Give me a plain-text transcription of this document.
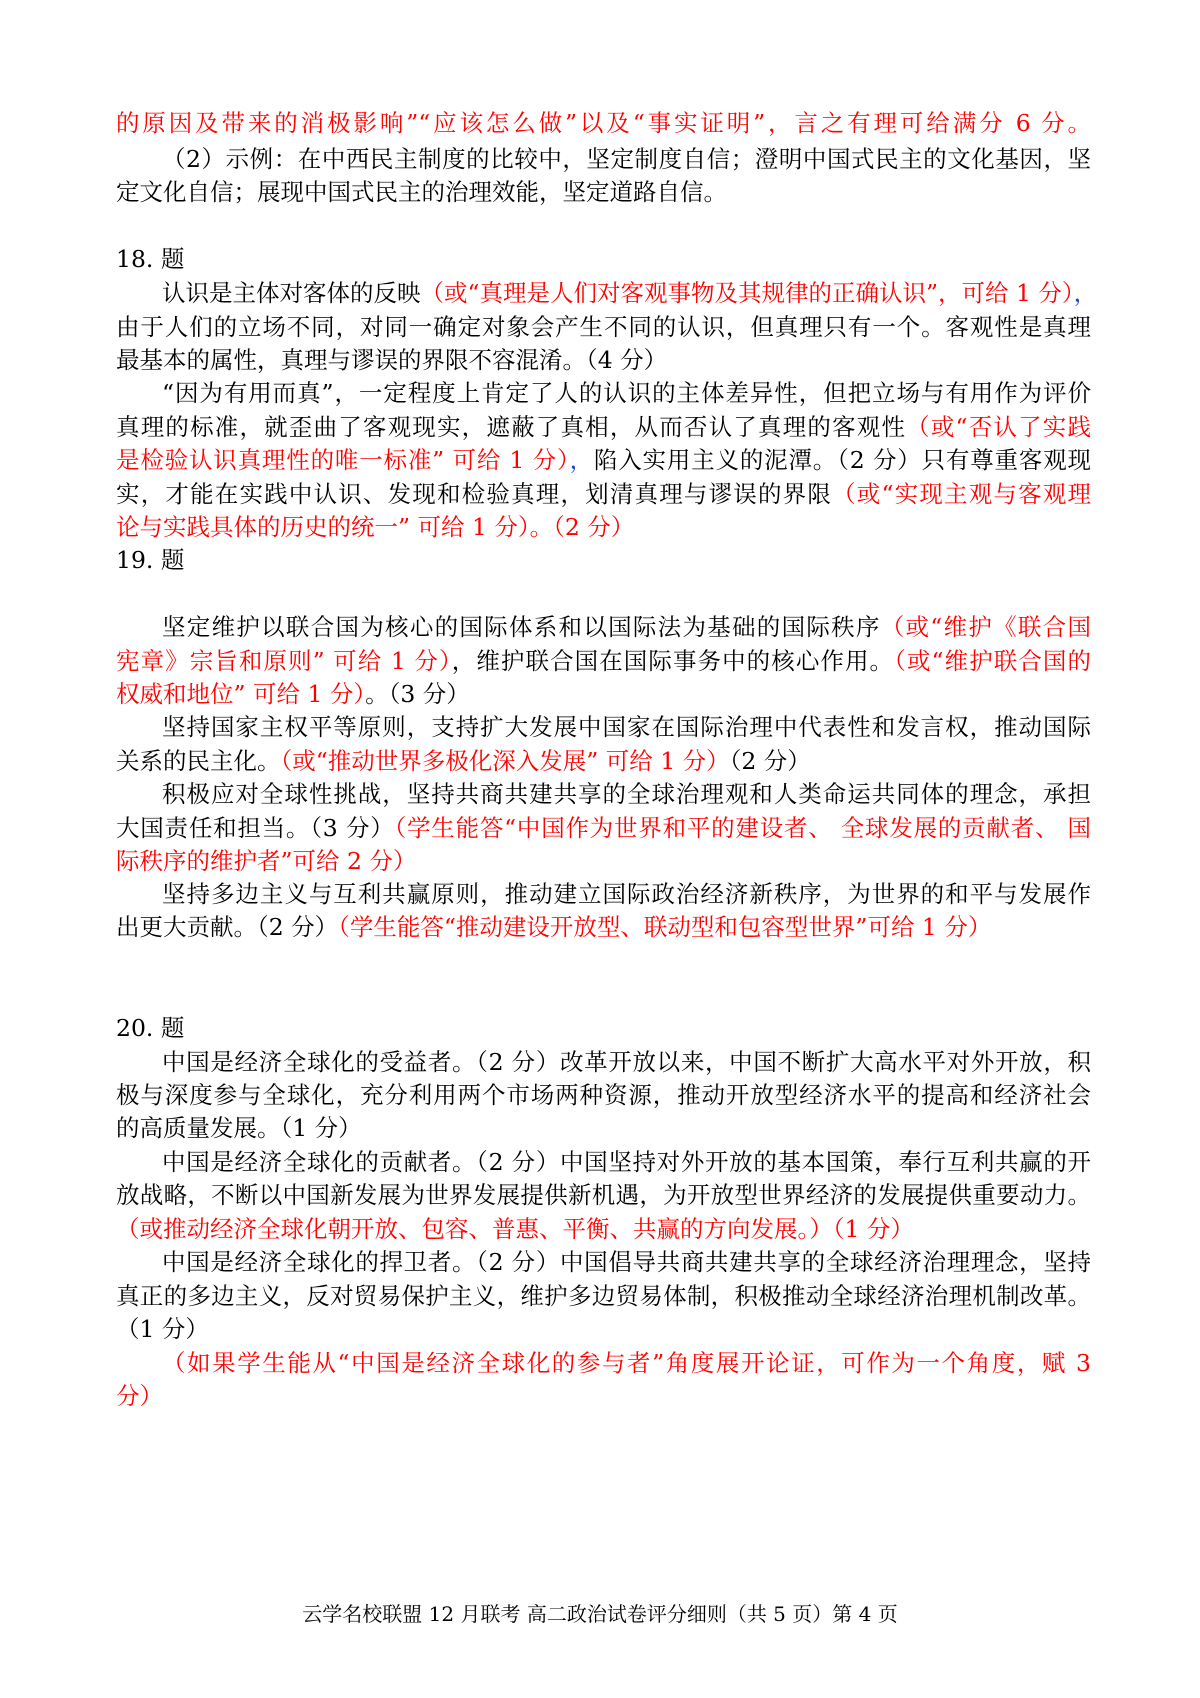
的原因及带来的消极影响”“应该怎么做”以及“事实证明”，言之有理可给满分 6 分。
（2）示例：在中西民主制度的比较中，坚定制度自信；澄明中国式民主的文化基因，坚
定文化自信；展现中国式民主的治理效能，坚定道路自信。
18. 题
认识是主体对客体的反映（或“真理是人们对客观事物及其规律的正确认识”，可给 1 分），
由于人们的立场不同，对同一确定对象会产生不同的认识，但真理只有一个。客观性是真理
最基本的属性，真理与谬误的界限不容混淆。（4 分）
“因为有用而真”，一定程度上肯定了人的认识的主体差异性，但把立场与有用作为评价
真理的标准，就歪曲了客观现实，遮蔽了真相，从而否认了真理的客观性（或“否认了实践
是检验认识真理性的唯一标准” 可给 1 分），陷入实用主义的泥潭。（2 分）只有尊重客观现
实，才能在实践中认识、发现和检验真理，划清真理与谬误的界限（或“实现主观与客观理
论与实践具体的历史的统一” 可给 1 分）。（2 分）
19. 题
坚定维护以联合国为核心的国际体系和以国际法为基础的国际秩序（或“维护《联合国
宪章》宗旨和原则” 可给 1 分），维护联合国在国际事务中的核心作用。（或“维护联合国的
权威和地位” 可给 1 分）。（3 分）
坚持国家主权平等原则，支持扩大发展中国家在国际治理中代表性和发言权，推动国际
关系的民主化。（或“推动世界多极化深入发展” 可给 1 分）（2 分）
积极应对全球性挑战，坚持共商共建共享的全球治理观和人类命运共同体的理念，承担
大国责任和担当。（3 分）（学生能答“中国作为世界和平的建设者、 全球发展的贡献者、 国
际秩序的维护者”可给 2 分）
坚持多边主义与互利共赢原则，推动建立国际政治经济新秩序，为世界的和平与发展作
出更大贡献。（2 分）（学生能答“推动建设开放型、联动型和包容型世界”可给 1 分）
20. 题
中国是经济全球化的受益者。（2 分）改革开放以来，中国不断扩大高水平对外开放，积
极与深度参与全球化，充分利用两个市场两种资源，推动开放型经济水平的提高和经济社会
的高质量发展。（1 分）
中国是经济全球化的贡献者。（2 分）中国坚持对外开放的基本国策，奉行互利共赢的开
放战略，不断以中国新发展为世界发展提供新机遇，为开放型世界经济的发展提供重要动力。
（或推动经济全球化朝开放、包容、普惠、平衡、共赢的方向发展。）（1 分）
中国是经济全球化的捍卫者。（2 分）中国倡导共商共建共享的全球经济治理理念，坚持
真正的多边主义，反对贸易保护主义，维护多边贸易体制，积极推动全球经济治理机制改革。
（1 分）
（如果学生能从“中国是经济全球化的参与者”角度展开论证，可作为一个角度，赋 3
分）
云学名校联盟 12 月联考 高二政治试卷评分细则（共 5 页）第 4 页
